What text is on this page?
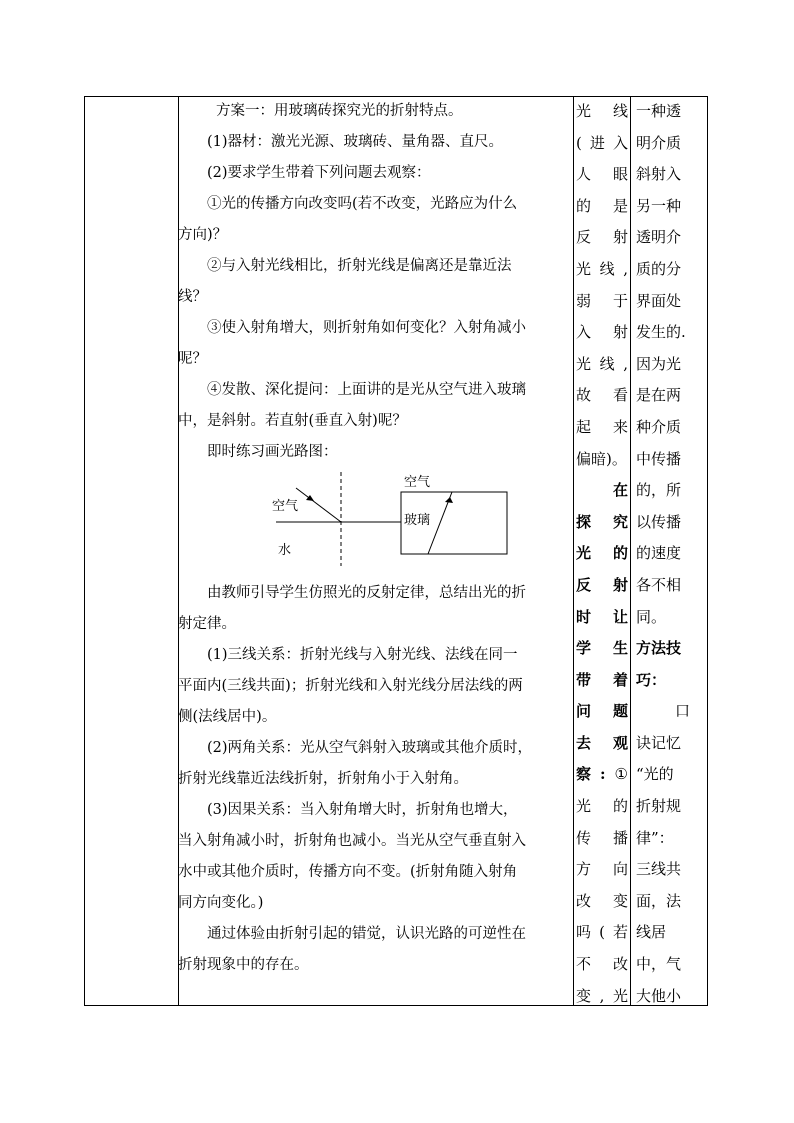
方案一：用玻璃砖探究光的折射特点。

(1)器材：激光光源、玻璃砖、量角器、直尺。

(2)要求学生带着下列问题去观察：

①光的传播方向改变吗(若不改变，光路应为什么

方向)？

②与入射光线相比，折射光线是偏离还是靠近法

线？

③使入射角增大，则折射角如何变化？入射角减小

呢？

④发散、深化提问：上面讲的是光从空气进入玻璃

中，是斜射。若直射(垂直入射)呢？

即时练习画光路图：

空气
水
空气
玻璃

由教师引导学生仿照光的反射定律，总结出光的折

射定律。

(1)三线关系：折射光线与入射光线、法线在同一

平面内(三线共面)；折射光线和入射光线分居法线的两

侧(法线居中)。

(2)两角关系：光从空气斜射入玻璃或其他介质时，

折射光线靠近法线折射，折射角小于入射角。

(3)因果关系：当入射角增大时，折射角也增大，

当入射角减小时，折射角也减小。当光从空气垂直射入

水中或其他介质时，传播方向不变。(折射角随入射角

同方向变化。)

通过体验由折射引起的错觉，认识光路的可逆性在

折射现象中的存在。

光线

(进入

人眼

的是

反射

光线,

弱于

入射

光线,

故看

起来

偏暗)。

在

探究

光的

反射

时让

学生

带着

问题

去观

察:①

光的

传播

方向

改变

吗(若

不改

变,光

一种透

明介质

斜射入

另一种

透明介

质的分

界面处

发生的.

因为光

是在两

种介质

中传播

的，所

以传播

的速度

各不相

同。

方法技

巧：

口

诀记忆

“光的

折射规

律”：

三线共

面，法

线居

中，气

大他小
